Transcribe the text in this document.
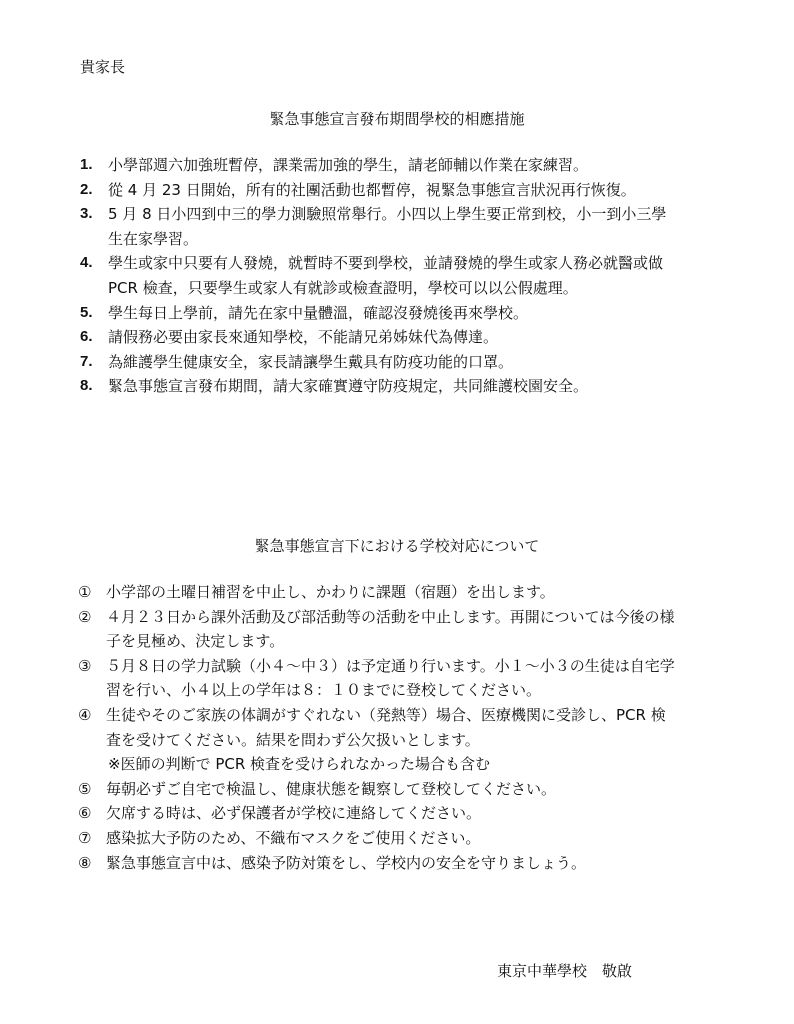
貴家長
緊急事態宣言發布期間學校的相應措施
1. 小學部週六加強班暫停，課業需加強的學生，請老師輔以作業在家練習。
2. 從 4 月 23 日開始，所有的社團活動也都暫停，視緊急事態宣言狀況再行恢復。
3. 5 月 8 日小四到中三的學力測驗照常舉行。小四以上學生要正常到校，小一到小三學生在家學習。
4. 學生或家中只要有人發燒，就暫時不要到學校，並請發燒的學生或家人務必就醫或做 PCR 檢查，只要學生或家人有就診或檢查證明，學校可以以公假處理。
5. 學生每日上學前，請先在家中量體溫，確認沒發燒後再來學校。
6. 請假務必要由家長來通知學校，不能請兄弟姊妹代為傳達。
7. 為維護學生健康安全，家長請讓學生戴具有防疫功能的口罩。
8. 緊急事態宣言發布期間，請大家確實遵守防疫規定，共同維護校園安全。
緊急事態宣言下における学校対応について
① 小学部の土曜日補習を中止し、かわりに課題（宿題）を出します。
② ４月２３日から課外活動及び部活動等の活動を中止します。再開については今後の様子を見極め、決定します。
③ ５月８日の学力試験（小４～中３）は予定通り行います。小１～小３の生徒は自宅学習を行い、小４以上の学年は８：１０までに登校してください。
④ 生徒やそのご家族の体調がすぐれない（発熱等）場合、医療機関に受診し、PCR 検査を受けてください。結果を問わず公欠扱いとします。
※医師の判断で PCR 検査を受けられなかった場合も含む
⑤ 毎朝必ずご自宅で検温し、健康状態を観察して登校してください。
⑥ 欠席する時は、必ず保護者が学校に連絡してください。
⑦ 感染拡大予防のため、不織布マスクをご使用ください。
⑧ 緊急事態宣言中は、感染予防対策をし、学校内の安全を守りましょう。
東京中華學校　敬啟
